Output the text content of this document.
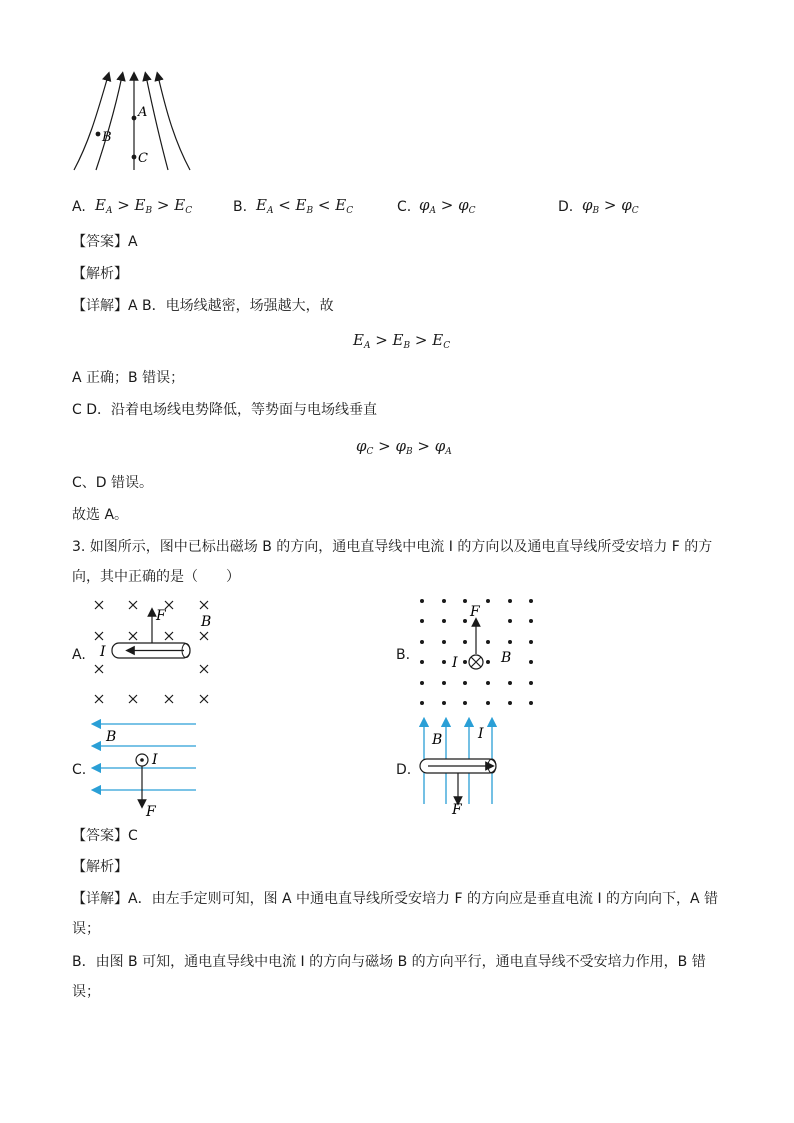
A
B
C
A. $E_A > E_B > E_C$	B. $E_A < E_B < E_C$	C. $\varphi_A > \varphi_C$	D. $\varphi_B > \varphi_C$
【答案】A
【解析】
【详解】A B．电场线越密，场强越大，故
$E_A > E_B > E_C$
A 正确；B 错误；
C D．沿着电场线电势降低，等势面与电场线垂直
$\varphi_C > \varphi_B > \varphi_A$
C、D 错误。
故选 A。
3. 如图所示，图中已标出磁场 B 的方向，通电直导线中电流 I 的方向以及通电直导线所受安培力 F 的方
向，其中正确的是（　　）
A.
F	B
I	B.
F
I	B
C.
B
I
F
D.
B	I
F
【答案】C
【解析】
【详解】A．由左手定则可知，图 A 中通电直导线所受安培力 F 的方向应是垂直电流 I 的方向向下，A 错
误；
B．由图 B 可知，通电直导线中电流 I 的方向与磁场 B 的方向平行，通电直导线不受安培力作用，B 错
误；
